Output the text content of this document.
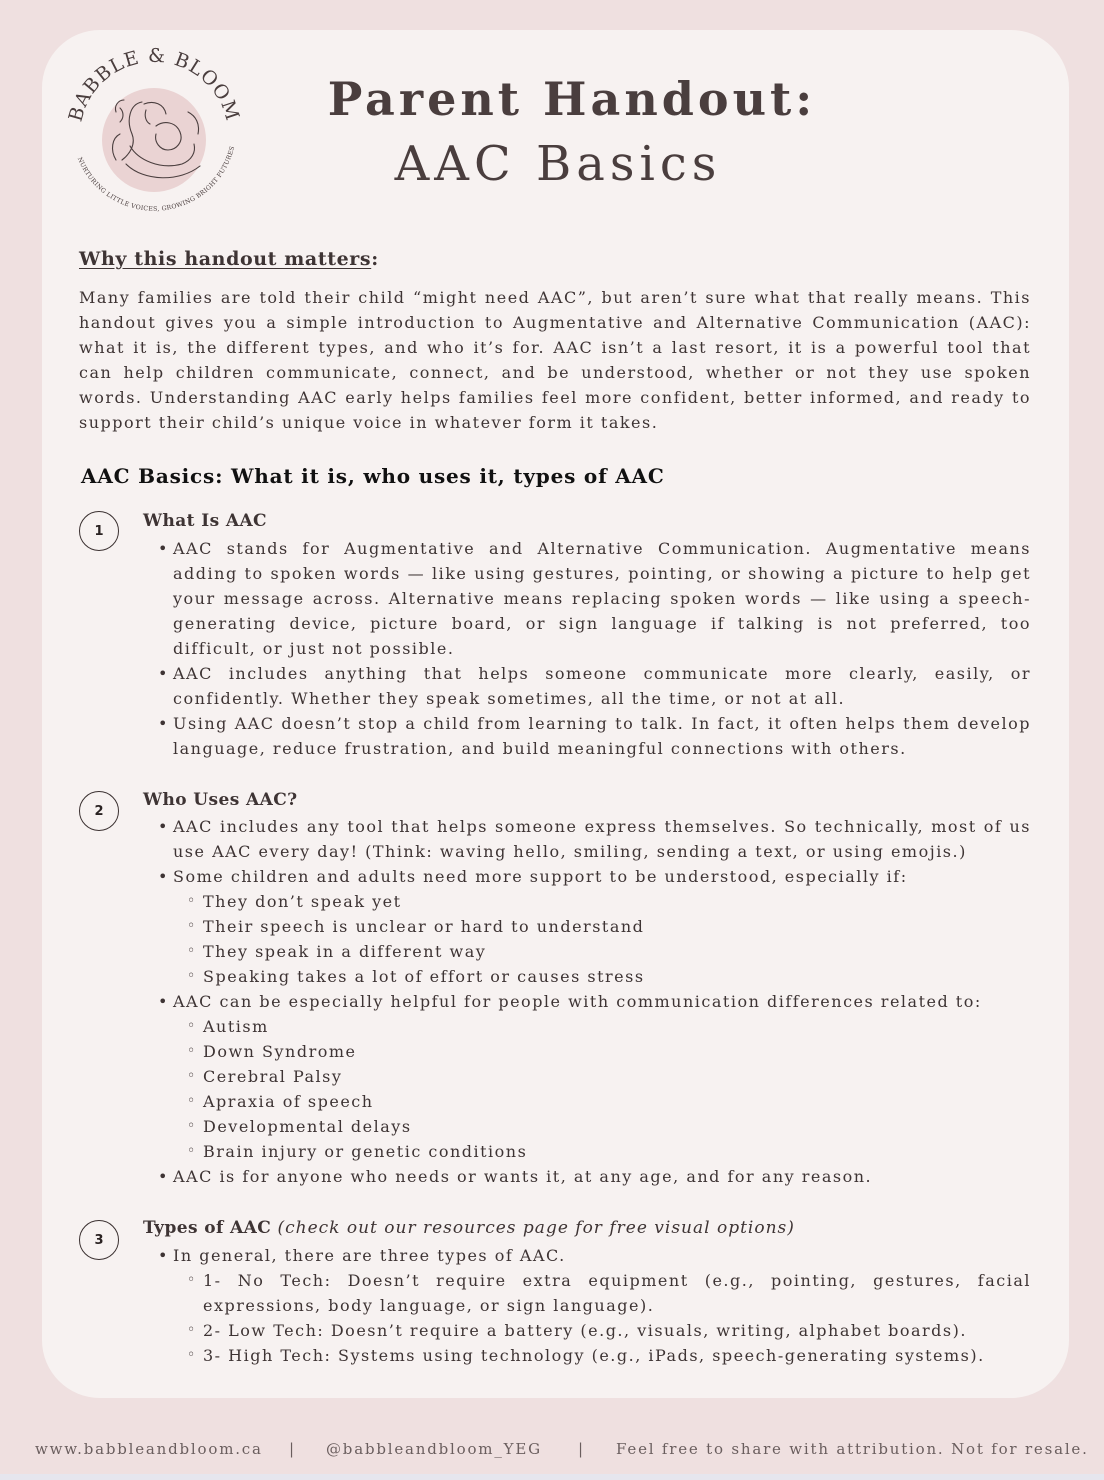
BABBLE & BLOOM
NURTURING LITTLE VOICES, GROWING BRIGHT FUTURES
Parent Handout:
AAC Basics
Why this handout matters:

Many families are told their child “might need AAC”, but aren’t sure what that really means. This handout gives you a simple introduction to Augmentative and Alternative Communication (AAC): what it is, the different types, and who it’s for. AAC isn’t a last resort, it is a powerful tool that can help children communicate, connect, and be understood, whether or not they use spoken words. Understanding AAC early helps families feel more confident, better informed, and ready to support their child’s unique voice in whatever form it takes.

AAC Basics: What it is, who uses it, types of AAC
1	What Is AAC
• AAC stands for Augmentative and Alternative Communication. Augmentative means adding to spoken words — like using gestures, pointing, or showing a picture to help get your message across. Alternative means replacing spoken words — like using a speech-generating device, picture board, or sign language if talking is not preferred, too difficult, or just not possible.
• AAC includes anything that helps someone communicate more clearly, easily, or confidently. Whether they speak sometimes, all the time, or not at all.
• Using AAC doesn’t stop a child from learning to talk. In fact, it often helps them develop language, reduce frustration, and build meaningful connections with others.
2
Who Uses AAC?
• AAC includes any tool that helps someone express themselves. So technically, most of us use AAC every day! (Think: waving hello, smiling, sending a text, or using emojis.)
• Some children and adults need more support to be understood, especially if:
◦ They don’t speak yet
◦ Their speech is unclear or hard to understand
◦ They speak in a different way
◦ Speaking takes a lot of effort or causes stress
• AAC can be especially helpful for people with communication differences related to:
◦ Autism
◦ Down Syndrome
◦ Cerebral Palsy
◦ Apraxia of speech
◦ Developmental delays
◦ Brain injury or genetic conditions
• AAC is for anyone who needs or wants it, at any age, and for any reason.
3
Types of AAC (check out our resources page for free visual options)
• In general, there are three types of AAC.
◦ 1- No Tech: Doesn’t require extra equipment (e.g., pointing, gestures, facial expressions, body language, or sign language).
◦ 2- Low Tech: Doesn’t require a battery (e.g., visuals, writing, alphabet boards).
◦ 3- High Tech: Systems using technology (e.g., iPads, speech-generating systems).
www.babbleandbloom.ca | @babbleandbloom_YEG | Feel free to share with attribution. Not for resale.
